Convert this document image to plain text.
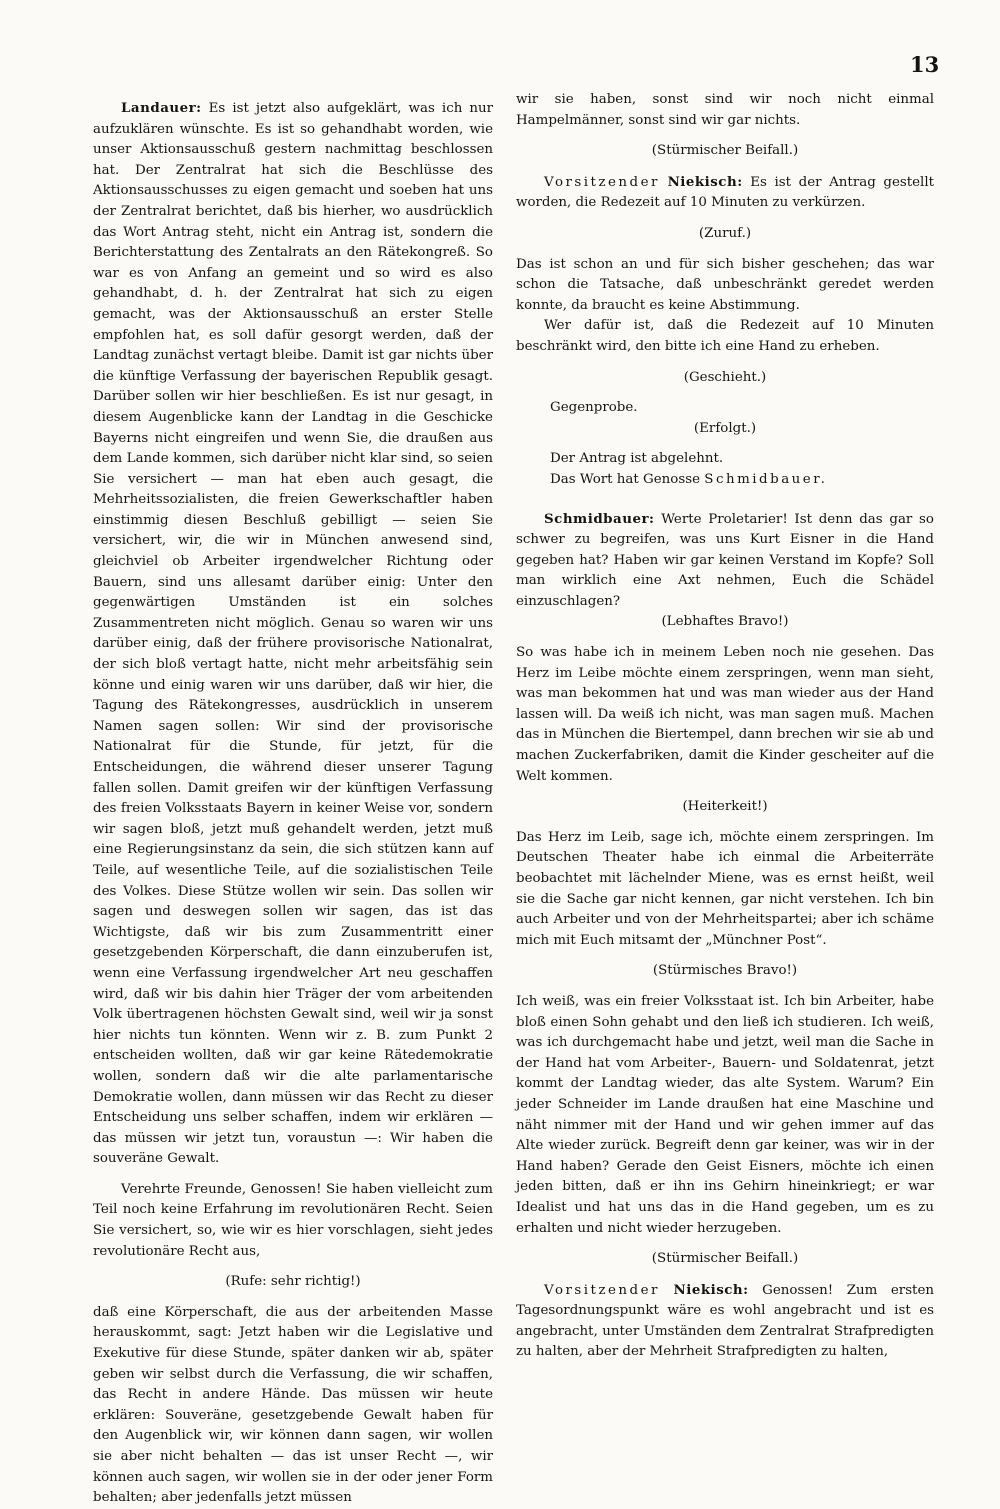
13

Landauer: Es ist jetzt also aufgeklärt, was ich nur aufzuklären wünschte. Es ist so gehandhabt worden, wie unser Aktionsausschuß gestern nachmittag beschlossen hat. Der Zentralrat hat sich die Beschlüsse des Aktionsausschusses zu eigen gemacht und soeben hat uns der Zentralrat berichtet, daß bis hierher, wo ausdrücklich das Wort Antrag steht, nicht ein Antrag ist, sondern die Berichterstattung des Zentalrats an den Rätekongreß. So war es von Anfang an gemeint und so wird es also gehandhabt, d. h. der Zentralrat hat sich zu eigen gemacht, was der Aktionsausschuß an erster Stelle empfohlen hat, es soll dafür gesorgt werden, daß der Landtag zunächst vertagt bleibe. Damit ist gar nichts über die künftige Verfassung der bayerischen Republik gesagt. Darüber sollen wir hier beschließen. Es ist nur gesagt, in diesem Augenblicke kann der Landtag in die Geschicke Bayerns nicht eingreifen und wenn Sie, die draußen aus dem Lande kommen, sich darüber nicht klar sind, so seien Sie versichert — man hat eben auch gesagt, die Mehrheitssozialisten, die freien Gewerkschaftler haben einstimmig diesen Beschluß gebilligt — seien Sie versichert, wir, die wir in München anwesend sind, gleichviel ob Arbeiter irgendwelcher Richtung oder Bauern, sind uns allesamt darüber einig: Unter den gegenwärtigen Umständen ist ein solches Zusammentreten nicht möglich. Genau so waren wir uns darüber einig, daß der frühere provisorische Nationalrat, der sich bloß vertagt hatte, nicht mehr arbeitsfähig sein könne und einig waren wir uns darüber, daß wir hier, die Tagung des Rätekongresses, ausdrücklich in unserem Namen sagen sollen: Wir sind der provisorische Nationalrat für die Stunde, für jetzt, für die Entscheidungen, die während dieser unserer Tagung fallen sollen. Damit greifen wir der künftigen Verfassung des freien Volksstaats Bayern in keiner Weise vor, sondern wir sagen bloß, jetzt muß gehandelt werden, jetzt muß eine Regierungsinstanz da sein, die sich stützen kann auf Teile, auf wesentliche Teile, auf die sozialistischen Teile des Volkes. Diese Stütze wollen wir sein. Das sollen wir sagen und deswegen sollen wir sagen, das ist das Wichtigste, daß wir bis zum Zusammentritt einer gesetzgebenden Körperschaft, die dann einzuberufen ist, wenn eine Verfassung irgendwelcher Art neu geschaffen wird, daß wir bis dahin hier Träger der vom arbeitenden Volk übertragenen höchsten Gewalt sind, weil wir ja sonst hier nichts tun könnten. Wenn wir z. B. zum Punkt 2 entscheiden wollten, daß wir gar keine Rätedemokratie wollen, sondern daß wir die alte parlamentarische Demokratie wollen, dann müssen wir das Recht zu dieser Entscheidung uns selber schaffen, indem wir erklären — das müssen wir jetzt tun, voraustun —: Wir haben die souveräne Gewalt.

Verehrte Freunde, Genossen! Sie haben vielleicht zum Teil noch keine Erfahrung im revolutionären Recht. Seien Sie versichert, so, wie wir es hier vorschlagen, sieht jedes revolutionäre Recht aus,

(Rufe: sehr richtig!)

daß eine Körperschaft, die aus der arbeitenden Masse herauskommt, sagt: Jetzt haben wir die Legislative und Exekutive für diese Stunde, später danken wir ab, später geben wir selbst durch die Verfassung, die wir schaffen, das Recht in andere Hände. Das müssen wir heute erklären: Souveräne, gesetzgebende Gewalt haben für den Augenblick wir, wir können dann sagen, wir wollen sie aber nicht behalten — das ist unser Recht —, wir können auch sagen, wir wollen sie in der oder jener Form behalten; aber jedenfalls jetzt müssen

wir sie haben, sonst sind wir noch nicht einmal Hampelmänner, sonst sind wir gar nichts.

(Stürmischer Beifall.)

Vorsitzender Niekisch: Es ist der Antrag gestellt worden, die Redezeit auf 10 Minuten zu verkürzen.

(Zuruf.)

Das ist schon an und für sich bisher geschehen; das war schon die Tatsache, daß unbeschränkt geredet werden konnte, da braucht es keine Abstimmung.

Wer dafür ist, daß die Redezeit auf 10 Minuten beschränkt wird, den bitte ich eine Hand zu erheben.

(Geschieht.)

Gegenprobe.

(Erfolgt.)

Der Antrag ist abgelehnt.

Das Wort hat Genosse Schmidbauer.

Schmidbauer: Werte Proletarier! Ist denn das gar so schwer zu begreifen, was uns Kurt Eisner in die Hand gegeben hat? Haben wir gar keinen Verstand im Kopfe? Soll man wirklich eine Axt nehmen, Euch die Schädel einzuschlagen?

(Lebhaftes Bravo!)

So was habe ich in meinem Leben noch nie gesehen. Das Herz im Leibe möchte einem zerspringen, wenn man sieht, was man bekommen hat und was man wieder aus der Hand lassen will. Da weiß ich nicht, was man sagen muß. Machen das in München die Biertempel, dann brechen wir sie ab und machen Zuckerfabriken, damit die Kinder gescheiter auf die Welt kommen.

(Heiterkeit!)

Das Herz im Leib, sage ich, möchte einem zerspringen. Im Deutschen Theater habe ich einmal die Arbeiterräte beobachtet mit lächelnder Miene, was es ernst heißt, weil sie die Sache gar nicht kennen, gar nicht verstehen. Ich bin auch Arbeiter und von der Mehrheitspartei; aber ich schäme mich mit Euch mitsamt der „Münchner Post“.

(Stürmisches Bravo!)

Ich weiß, was ein freier Volksstaat ist. Ich bin Arbeiter, habe bloß einen Sohn gehabt und den ließ ich studieren. Ich weiß, was ich durchgemacht habe und jetzt, weil man die Sache in der Hand hat vom Arbeiter-, Bauern- und Soldatenrat, jetzt kommt der Landtag wieder, das alte System. Warum? Ein jeder Schneider im Lande draußen hat eine Maschine und näht nimmer mit der Hand und wir gehen immer auf das Alte wieder zurück. Begreift denn gar keiner, was wir in der Hand haben? Gerade den Geist Eisners, möchte ich einen jeden bitten, daß er ihn ins Gehirn hineinkriegt; er war Idealist und hat uns das in die Hand gegeben, um es zu erhalten und nicht wieder herzugeben.

(Stürmischer Beifall.)

Vorsitzender Niekisch: Genossen! Zum ersten Tagesordnungspunkt wäre es wohl angebracht und ist es angebracht, unter Umständen dem Zentralrat Strafpredigten zu halten, aber der Mehrheit Strafpredigten zu halten,
